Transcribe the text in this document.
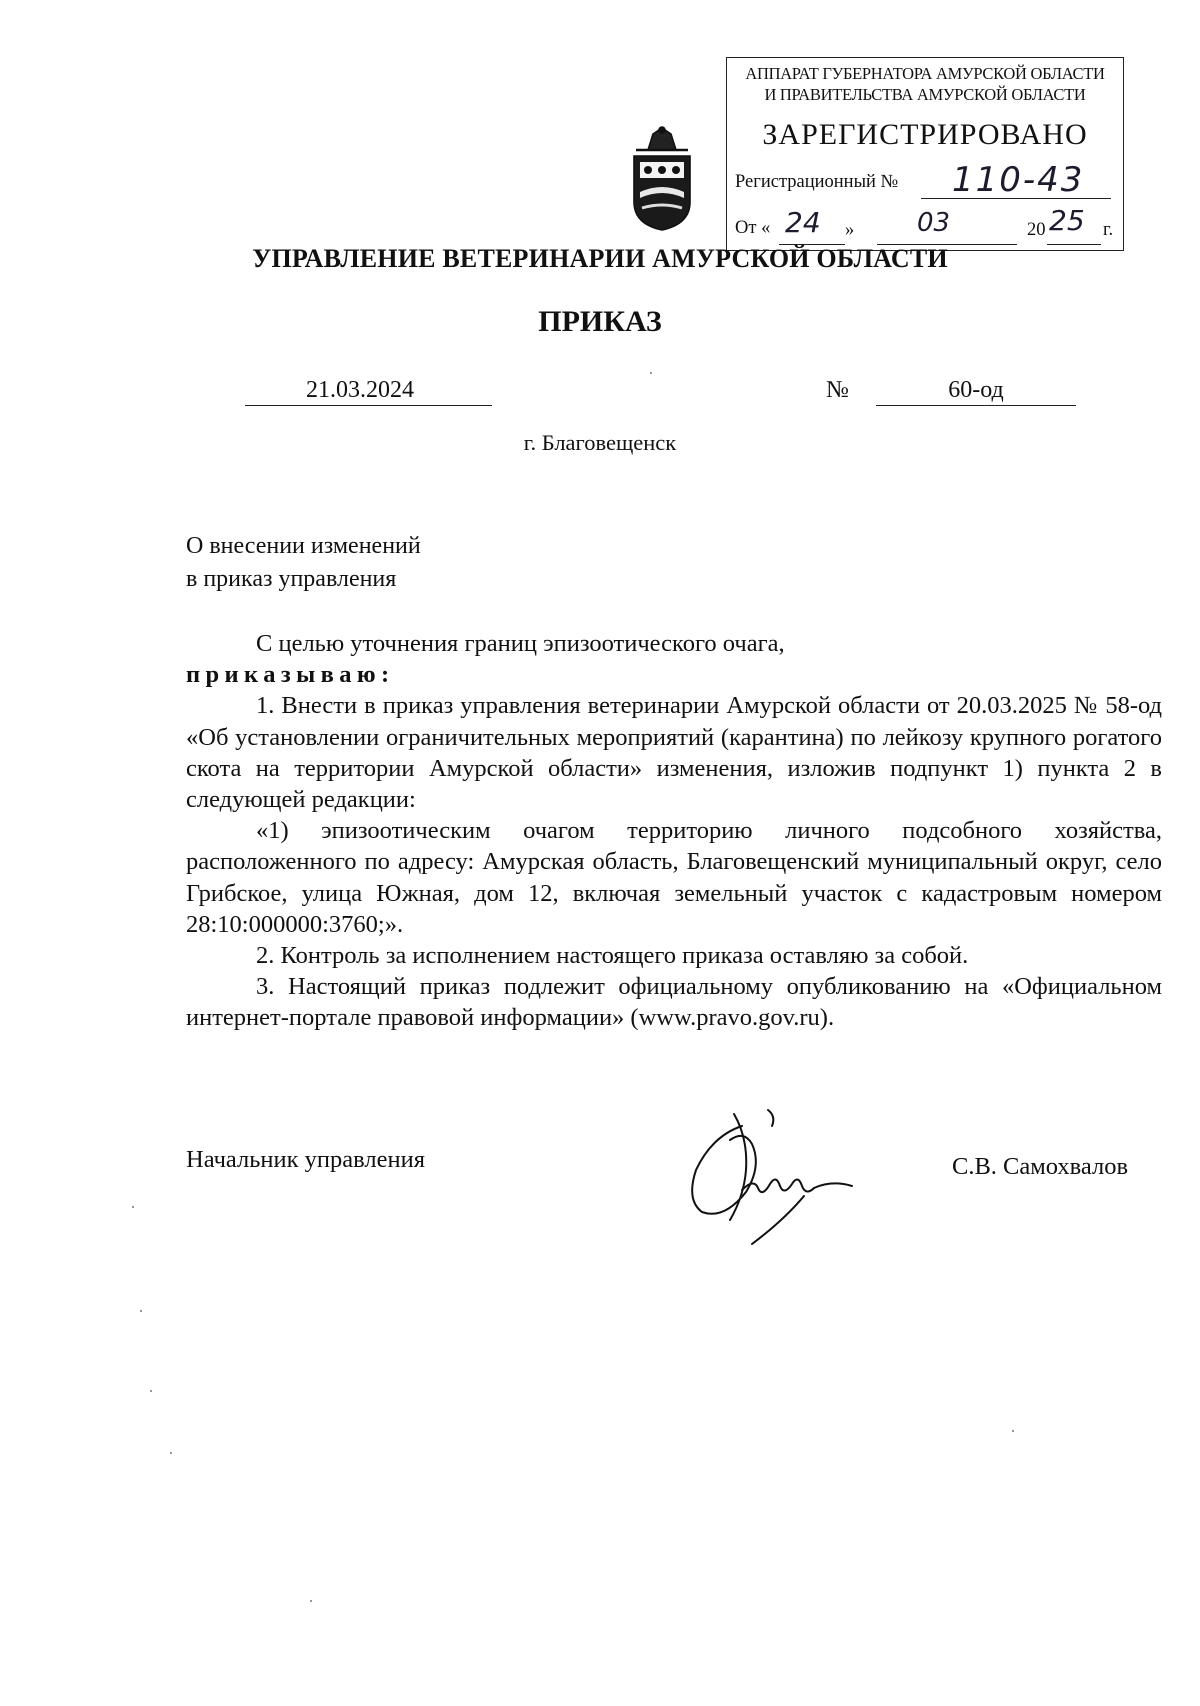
АППАРАТ ГУБЕРНАТОРА АМУРСКОЙ ОБЛАСТИ
И ПРАВИТЕЛЬСТВА АМУРСКОЙ ОБЛАСТИ
ЗАРЕГИСТРИРОВАНО
Регистрационный № 110-43
От « 24 » 03	20 25 г.
УПРАВЛЕНИЕ ВЕТЕРИНАРИИ АМУРСКОЙ ОБЛАСТИ
ПРИКАЗ
21.03.2024	№	60-од
г. Благовещенск
О внесении изменений
в приказ управления

С целью уточнения границ эпизоотического очага,

приказываю:

1. Внести в приказ управления ветеринарии Амурской области от 20.03.2025 № 58-од «Об установлении ограничительных мероприятий (карантина) по лейкозу крупного рогатого скота на территории Амурской области» изменения, изложив подпункт 1) пункта 2 в следующей редакции:

«1) эпизоотическим очагом территорию личного подсобного хозяйства, расположенного по адресу: Амурская область, Благовещенский муниципальный округ, село Грибское, улица Южная, дом 12, включая земельный участок с кадастровым номером 28:10:000000:3760;».

2. Контроль за исполнением настоящего приказа оставляю за собой.

3. Настоящий приказ подлежит официальному опубликованию на «Официальном интернет-портале правовой информации» (www.pravo.gov.ru).

Начальник управления	С.В. Самохвалов
